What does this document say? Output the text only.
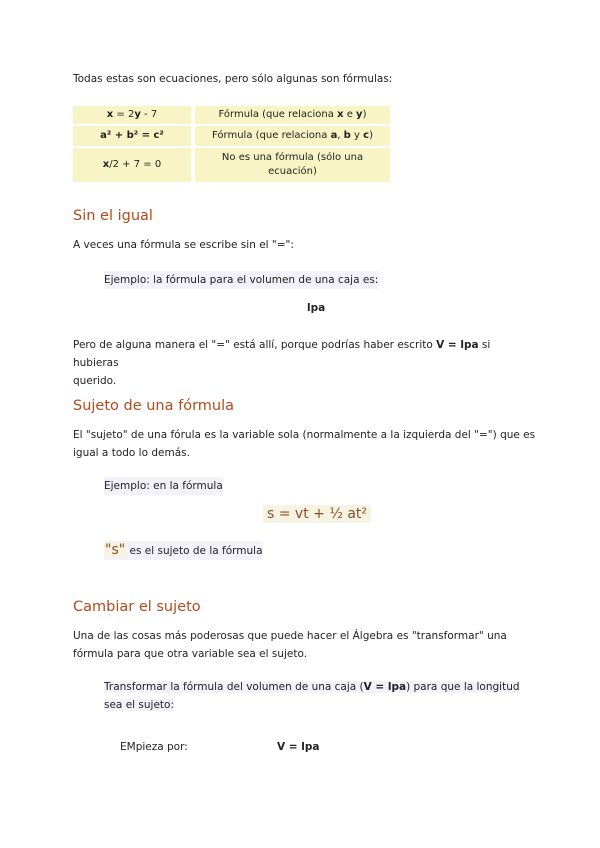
Todas estas son ecuaciones, pero sólo algunas son fórmulas:

x = 2y - 7	Fórmula (que relaciona x e y)
a² + b² = c²	Fórmula (que relaciona a, b y c)
x/2 + 7 = 0	No es una fórmula (sólo una
ecuación)
Sin el igual

A veces una fórmula se escribe sin el "=":

Ejemplo: la fórmula para el volumen de una caja es:

lpa

Pero de alguna manera el "=" está allí, porque podrías haber escrito V = lpa si hubieras
querido.

Sujeto de una fórmula

El "sujeto" de una fórula es la variable sola (normalmente a la izquierda del "=") que es
igual a todo lo demás.

Ejemplo: en la fórmula

s = vt + ½ at²

"s" es el sujeto de la fórmula

Cambiar el sujeto

Una de las cosas más poderosas que puede hacer el Álgebra es "transformar" una
fórmula para que otra variable sea el sujeto.

Transformar la fórmula del volumen de una caja (V = lpa) para que la longitud
sea el sujeto:

EMpieza por:	V = lpa
